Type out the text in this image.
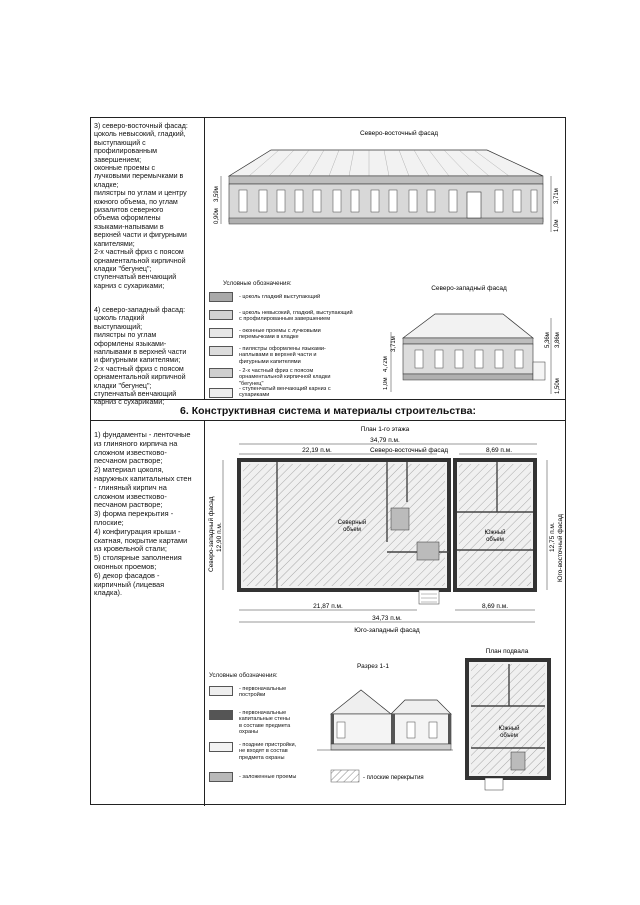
3) северо-восточный фасад:
цоколь невысокий, гладкий,
выступающий с
профилированным
завершением;
оконные проемы с
лучковыми перемычками в
кладке;
пилястры по углам и центру
южного объема, по углам
ризалитов северного
объема оформлены
языками-напывами в
верхней части и фигурными
капителями;
2-х частный фриз с поясом
орнаментальной кирпичной
кладки "бегунец";
ступенчатый венчающий
карниз с сухариками;
4) северо-западный фасад:
цоколь гладкий
выступающий;
пилястры по углам
оформлены языками-
наплывами в верхней части
и фигурными капителями;
2-х частный фриз с поясом
орнаментальной кирпичной
кладки "бегунец";
ступенчатый венчающий
карниз с сухариками;
Северо-восточный фасад
0,90м
3,59м	3,71м
1,0м
Условные обозначения:
- цоколь гладкий выступающий
- цоколь невысокий, гладкий, выступающий
с профилированным завершением
- оконные проемы с лучковыми
перемычками в кладке
- пилястры оформлены языками-
наплывами в верхней части и
фигурными капителями
- 2-х частный фриз с поясом
орнаментальной кирпичной кладки
"бегунец"
- ступенчатый венчающий карниз с
сухариками
Северо-западный фасад
1,0м
4,72м
3,71м	5,36м 3,86м
1,50м
6. Конструктивная система и материалы строительства:
1) фундаменты - ленточные
из глиняного кирпича на
сложном известково-
песчаном растворе;
2) материал цоколя,
наружных капитальных стен
- глиняный кирпич на
сложном известково-
песчаном растворе;
3) форма перекрытия -
плоские;
4) конфигурация крыши -
скатная, покрытие картами
из кровельной стали;
5) столярные заполнения
оконных проемов;
6) декор фасадов -
кирпичный (лицевая
кладка).
План 1-го этажа
34,79 п.м.
22,19 п.м.	Северо-восточный фасад	8,69 п.м.
Северный объем
Южный объем
12,90 п.м.
Северо-западный фасад	12,75 п.м. Юго-восточный фасад
21,87 п.м.	8,69 п.м.
34,73 п.м.
Юго-западный фасад
Условные обозначения:
- первоначальные
постройки
- первоначальные
капитальные стены
в составе предмета
охраны
- поздние пристройки,
не входят в состав
предмета охраны
- заложенные проемы	- плоские перекрытия
Разрез 1-1
План подвала
Южный объем
